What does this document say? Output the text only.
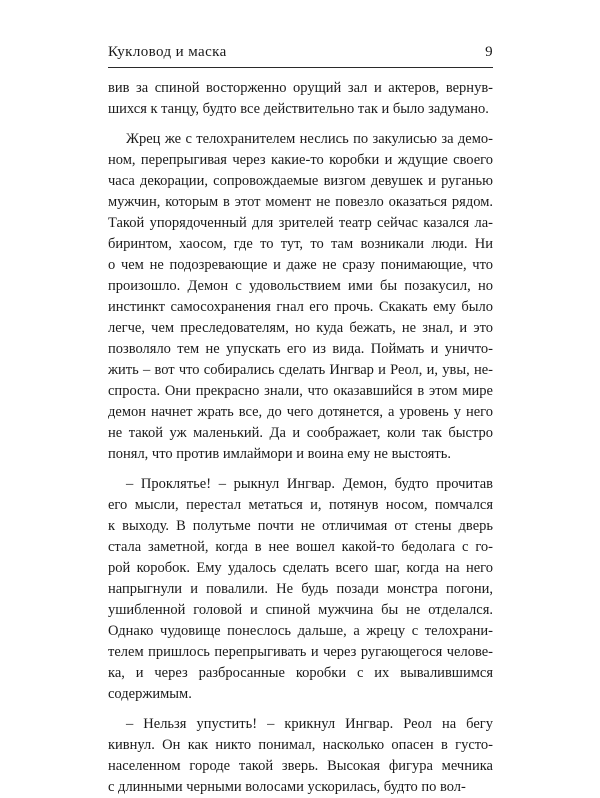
Кукловод и маска	9
вив за спиной восторженно орущий зал и актеров, вернув-
шихся к танцу, будто все действительно так и было задумано.
Жрец же с телохранителем неслись по закулисью за демо-
ном, перепрыгивая через какие-то коробки и ждущие своего
часа декорации, сопровождаемые визгом девушек и руганью
мужчин, которым в этот момент не повезло оказаться рядом.
Такой упорядоченный для зрителей театр сейчас казался ла-
биринтом, хаосом, где то тут, то там возникали люди. Ни
о чем не подозревающие и даже не сразу понимающие, что
произошло. Демон с удовольствием ими бы позакусил, но
инстинкт самосохранения гнал его прочь. Скакать ему было
легче, чем преследователям, но куда бежать, не знал, и это
позволяло тем не упускать его из вида. Поймать и уничто-
жить – вот что собирались сделать Ингвар и Реол, и, увы, не-
спроста. Они прекрасно знали, что оказавшийся в этом мире
демон начнет жрать все, до чего дотянется, а уровень у него
не такой уж маленький. Да и соображает, коли так быстро
понял, что против имлаймори и воина ему не выстоять.
– Проклятье! – рыкнул Ингвар. Демон, будто прочитав
его мысли, перестал метаться и, потянув носом, помчался
к выходу. В полутьме почти не отличимая от стены дверь
стала заметной, когда в нее вошел какой-то бедолага с го-
рой коробок. Ему удалось сделать всего шаг, когда на него
напрыгнули и повалили. Не будь позади монстра погони,
ушибленной головой и спиной мужчина бы не отделался.
Однако чудовище понеслось дальше, а жрецу с телохрани-
телем пришлось перепрыгивать и через ругающегося челове-
ка, и через разбросанные коробки с их вывалившимся
содержимым.
– Нельзя упустить! – крикнул Ингвар. Реол на бегу
кивнул. Он как никто понимал, насколько опасен в густо-
населенном городе такой зверь. Высокая фигура мечника
с длинными черными волосами ускорилась, будто по вол-
